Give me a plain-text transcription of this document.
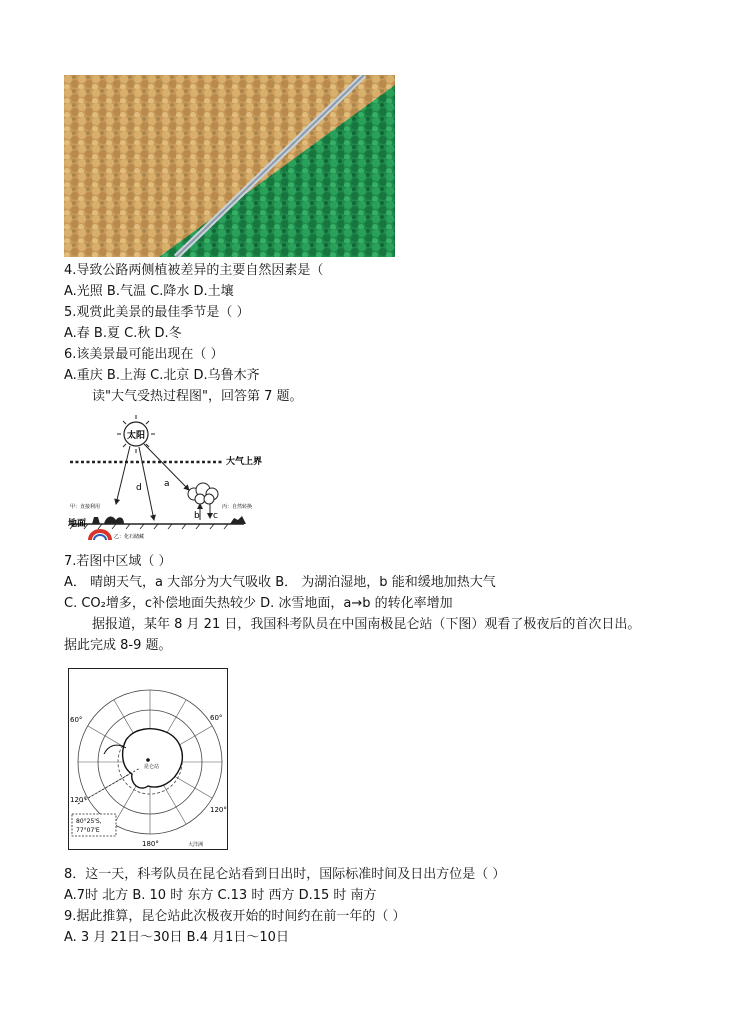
4.导致公路两侧植被差异的主要自然因素是（
A.光照 B.气温 C.降水 D.土壤
5.观赏此美景的最佳季节是（ ）
A.春 B.夏 C.秋 D.冬
6.该美景最可能出现在（ ）
A.重庆 B.上海 C.北京 D.乌鲁木齐
读"大气受热过程图"，回答第 7 题。
太阳
大气上界
d a
b c
地面
甲：直接利用	丙：自然转换
乙：化石储藏
7.若图中区域（ ）
A． 晴朗天气，a 大部分为大气吸收 B． 为湖泊湿地，b 能和缓地加热大气
C. CO₂增多，c补偿地面失热较少 D. 冰雪地面，a→b 的转化率增加
据报道，某年 8 月 21 日，我国科考队员在中国南极昆仑站（下图）观看了极夜后的首次日出。
据此完成 8-9 题。
昆仑站
60°	60°
120°
180°
120°
80°25'S,
77°07'E
大洋洲
8．这一天，科考队员在昆仑站看到日出时，国际标准时间及日出方位是（ ）
A.7时 北方 B. 10 时 东方 C.13 时 西方 D.15 时 南方
9.据此推算，昆仑站此次极夜开始的时间约在前一年的（ ）
A. 3 月 21日～30日 B.4 月1日～10日
